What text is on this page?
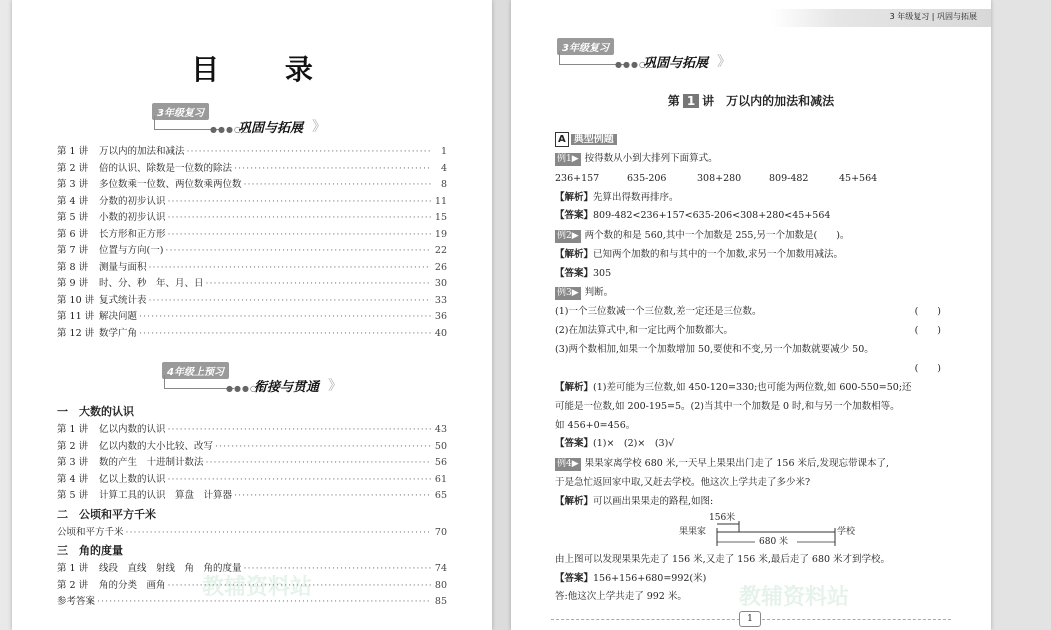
目 录
3年级复习
●●●○○
巩固与拓展 》
第 1 讲	万以内的加法和减法 ·····	1
第 2 讲	倍的认识、除数是一位数的除法 ·····	4
第 3 讲	多位数乘一位数、两位数乘两位数 ·····	8
第 4 讲	分数的初步认识 ·····	11
第 5 讲	小数的初步认识 ·····	15
第 6 讲	长方形和正方形 ·····	19
第 7 讲	位置与方向(一) ·····	22
第 8 讲	测量与面积 ·····	26
第 9 讲	时、分、秒　年、月、日 ·····	30
第 10 讲 复式统计表 ·····	33
第 11 讲 解决问题 ·····	36
第 12 讲 数学广角 ·····	40
4年级上预习
●●●○○
衔接与贯通 》
一　大数的认识
第 1 讲	亿以内数的认识 ·····	43
第 2 讲	亿以内数的大小比较、改写 ·····	50
第 3 讲	数的产生　十进制计数法 ·····	56
第 4 讲	亿以上数的认识 ·····	61
第 5 讲	计算工具的认识　算盘　计算器 ·····	65
二　公顷和平方千米
公顷和平方千米 ·····	70
三　角的度量
第 1 讲	线段　直线　射线　角　角的度量 ·····	74
第 2 讲	角的分类　画角 ·····	80
参考答案 ·····	85
教辅资料站
3 年级复习 | 巩固与拓展
3年级复习
●●●○○
巩固与拓展 》
第 1 讲　万以内的加法和减法
A 典型例题
例1▶ 按得数从小到大排列下面算式。
236+157	635-206	308+280	809-482	45+564
【解析】先算出得数再排序。
【答案】809-482<236+157<635-206<308+280<45+564
例2▶ 两个数的和是 560,其中一个加数是 255,另一个加数是(　　)。
【解析】已知两个加数的和与其中的一个加数,求另一个加数用减法。
【答案】305
例3▶ 判断。
(1)一个三位数减一个三位数,差一定还是三位数。	(　　)
(2)在加法算式中,和一定比两个加数都大。	(　　)
(3)两个数相加,如果一个加数增加 50,要使和不变,另一个加数就要减少 50。
(　　)
【解析】(1)差可能为三位数,如 450-120=330;也可能为两位数,如 600-550=50;还
可能是一位数,如 200-195=5。(2)当其中一个加数是 0 时,和与另一个加数相等。
如 456+0=456。
【答案】(1)×　(2)×　(3)√
例4▶ 果果家离学校 680 米,一天早上果果出门走了 156 米后,发现忘带课本了,
于是急忙返回家中取,又赶去学校。他这次上学共走了多少米?
【解析】可以画出果果走的路程,如图:
156米
果果家	学校
680 米
由上图可以发现果果先走了 156 米,又走了 156 米,最后走了 680 米才到学校。
【答案】156+156+680=992(米)
答:他这次上学共走了 992 米。 教辅资料站
1
